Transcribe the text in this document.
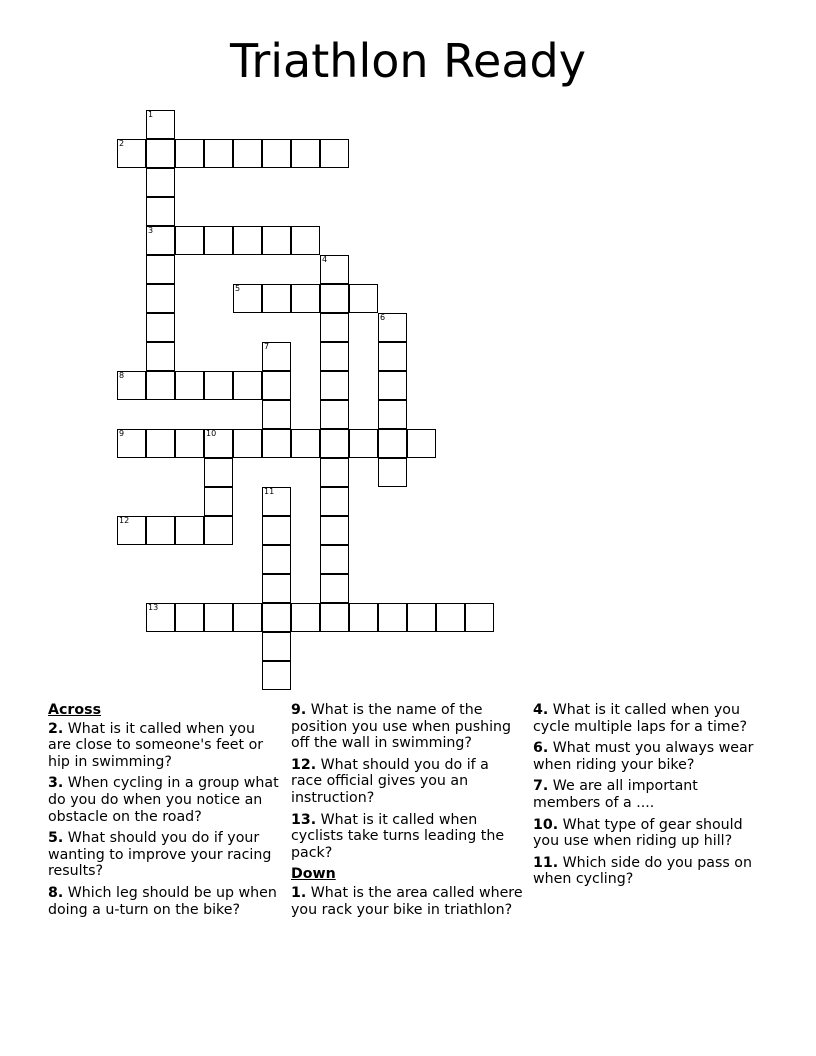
Triathlon Ready
1
3
2
4
5
6
7
8
9	10
11
12
13
Across
2. What is it called when you are close to someone's feet or hip in swimming?
3. When cycling in a group what do you do when you notice an obstacle on the road?
5. What should you do if your wanting to improve your racing results?
8. Which leg should be up when doing a u-turn on the bike?
9. What is the name of the position you use when pushing off the wall in swimming?
12. What should you do if a race official gives you an instruction?
13. What is it called when cyclists take turns leading the pack?
Down
1. What is the area called where you rack your bike in triathlon?
4. What is it called when you cycle multiple laps for a time?
6. What must you always wear when riding your bike?
7. We are all important members of a ....
10. What type of gear should you use when riding up hill?
11. Which side do you pass on when cycling?
